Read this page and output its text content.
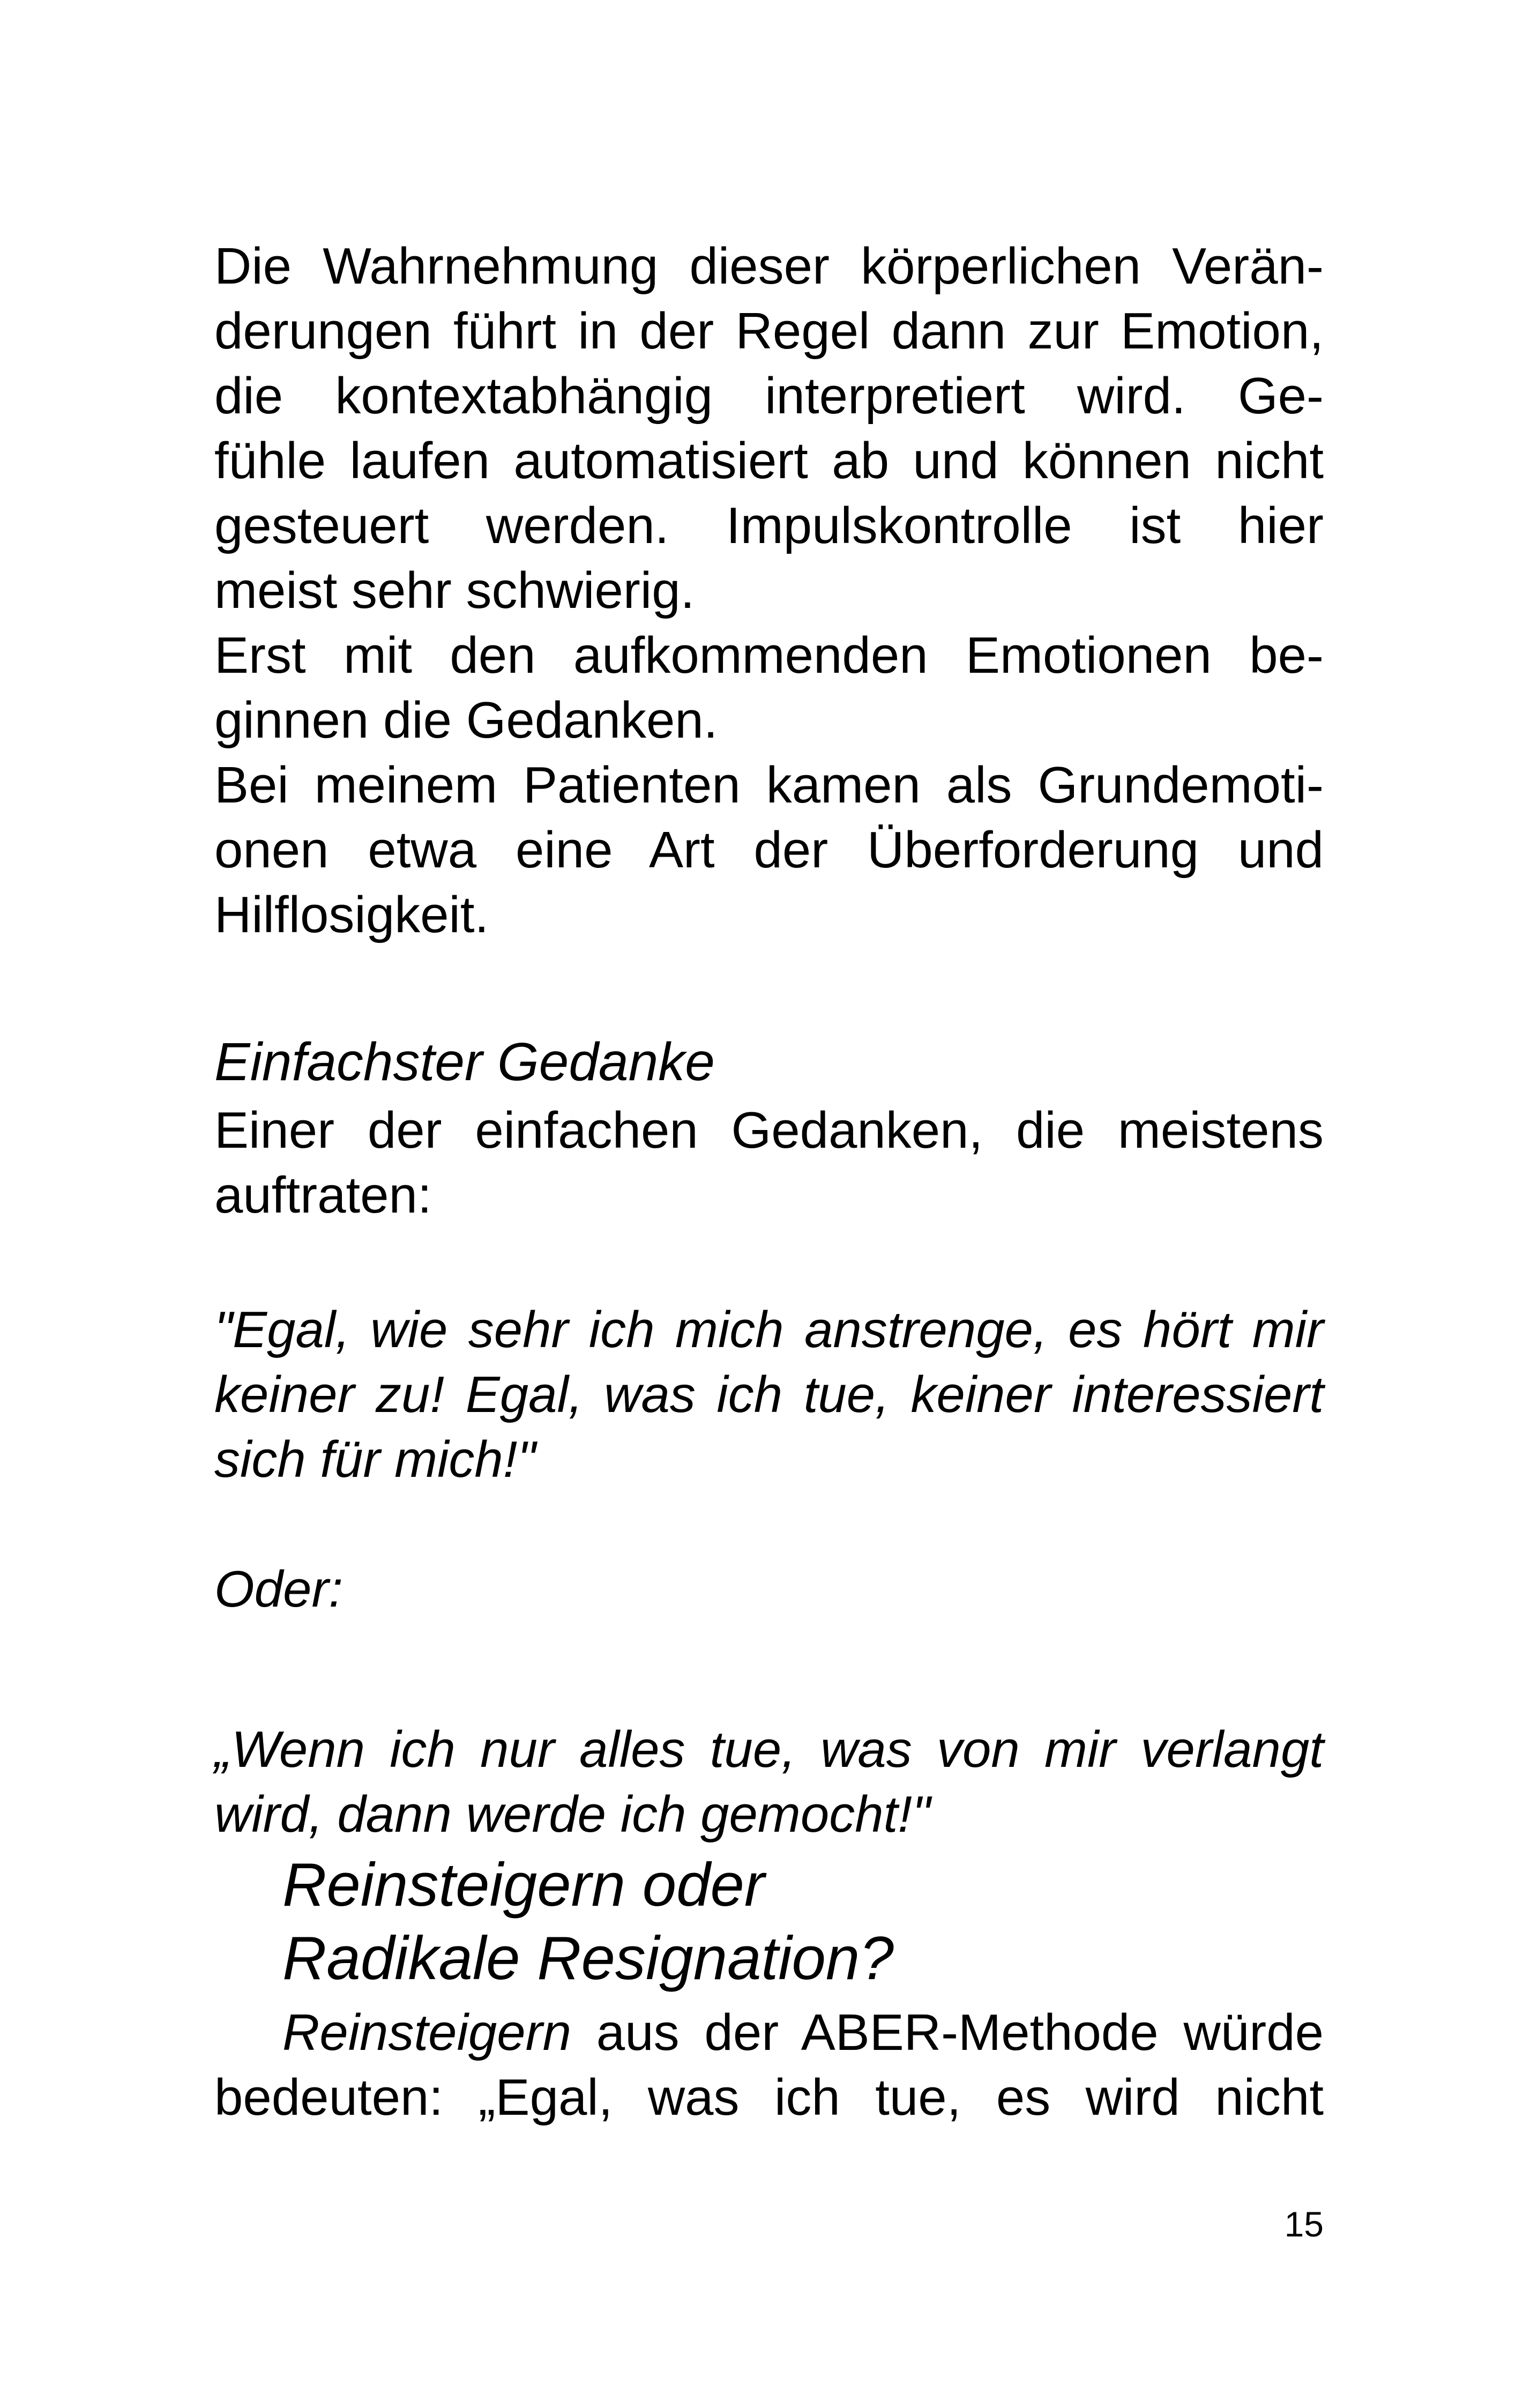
Die Wahrnehmung dieser körperlichen Verän-
derungen führt in der Regel dann zur Emotion,
die kontextabhängig interpretiert wird. Ge-
fühle laufen automatisiert ab und können nicht
gesteuert werden. Impulskontrolle ist hier
meist sehr schwierig.
Erst mit den aufkommenden Emotionen be-
ginnen die Gedanken.
Bei meinem Patienten kamen als Grundemoti-
onen etwa eine Art der Überforderung und
Hilflosigkeit.
Einfachster Gedanke
Einer der einfachen Gedanken, die meistens
auftraten:
"Egal, wie sehr ich mich anstrenge, es hört mir
keiner zu! Egal, was ich tue, keiner interessiert
sich für mich!"
Oder:
„Wenn ich nur alles tue, was von mir verlangt
wird, dann werde ich gemocht!"
Reinsteigern oder
Radikale Resignation?
Reinsteigern aus der ABER-Methode würde
bedeuten: „Egal, was ich tue, es wird nicht
15
